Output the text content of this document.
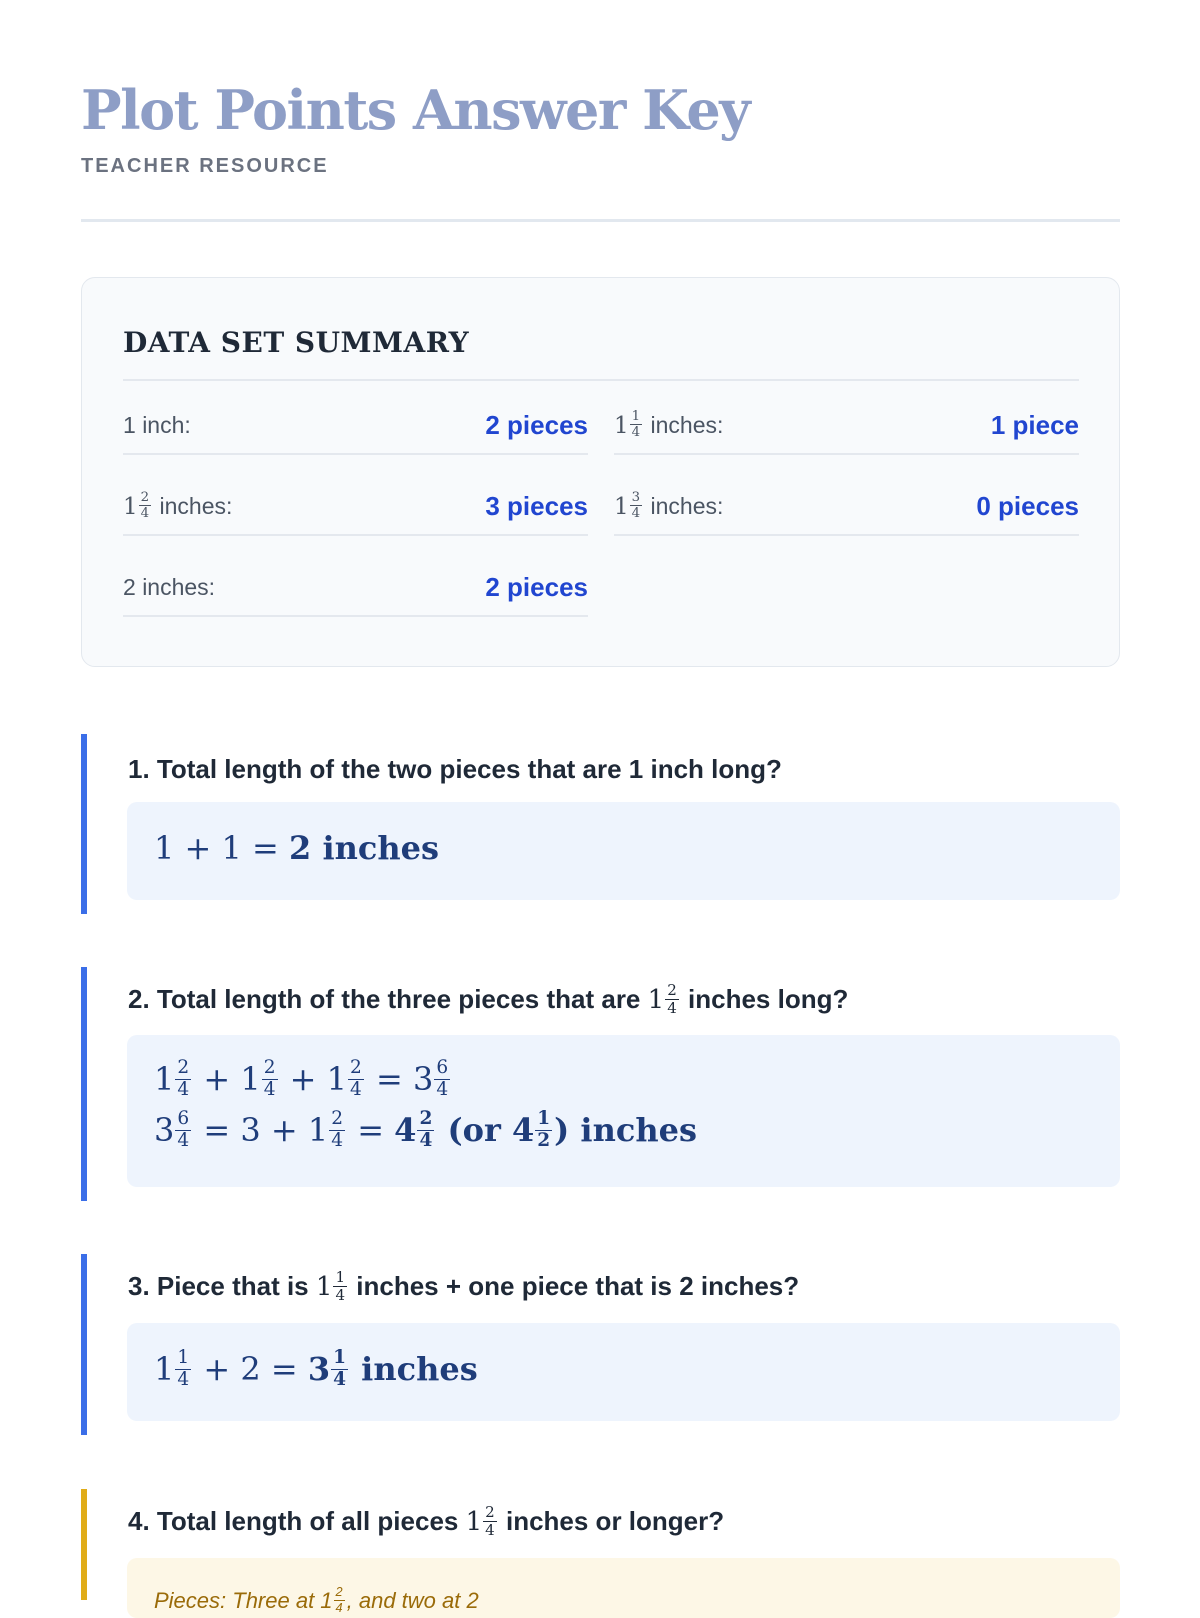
Plot Points Answer Key
TEACHER RESOURCE
DATA SET SUMMARY
1 inch:	2 pieces $1 \frac{1}{4}$ inches:	1 piece
$1 \frac{2}{4}$ inches:	3 pieces $1 \frac{3}{4}$ inches:	0 pieces
2 inches:	2 pieces
1. Total length of the two pieces that are 1 inch long?
1 + 1 = 2 inches
2. Total length of the three pieces that are $1 \frac{2}{4}$ inches long?
$1 \frac{2}{4} + 1 \frac{2}{4} + 1 \frac{2}{4} = 3 \frac{6}{4}$
$3 \frac{6}{4} = 3 + 1 \frac{2}{4} = 4 \frac{2}{4} (or$ $4 \frac{1}{2}$ ) inches
3. Piece that is $1 \frac{1}{4}$ inches + one piece that is 2 inches?
$1 \frac{1}{4} + 2 = 3 \frac{1}{4}$ inches
4. Total length of all pieces $1 \frac{2}{4}$ inches or longer?
Pieces: Three at $1 \frac{2}{4}$ , and two at 2
